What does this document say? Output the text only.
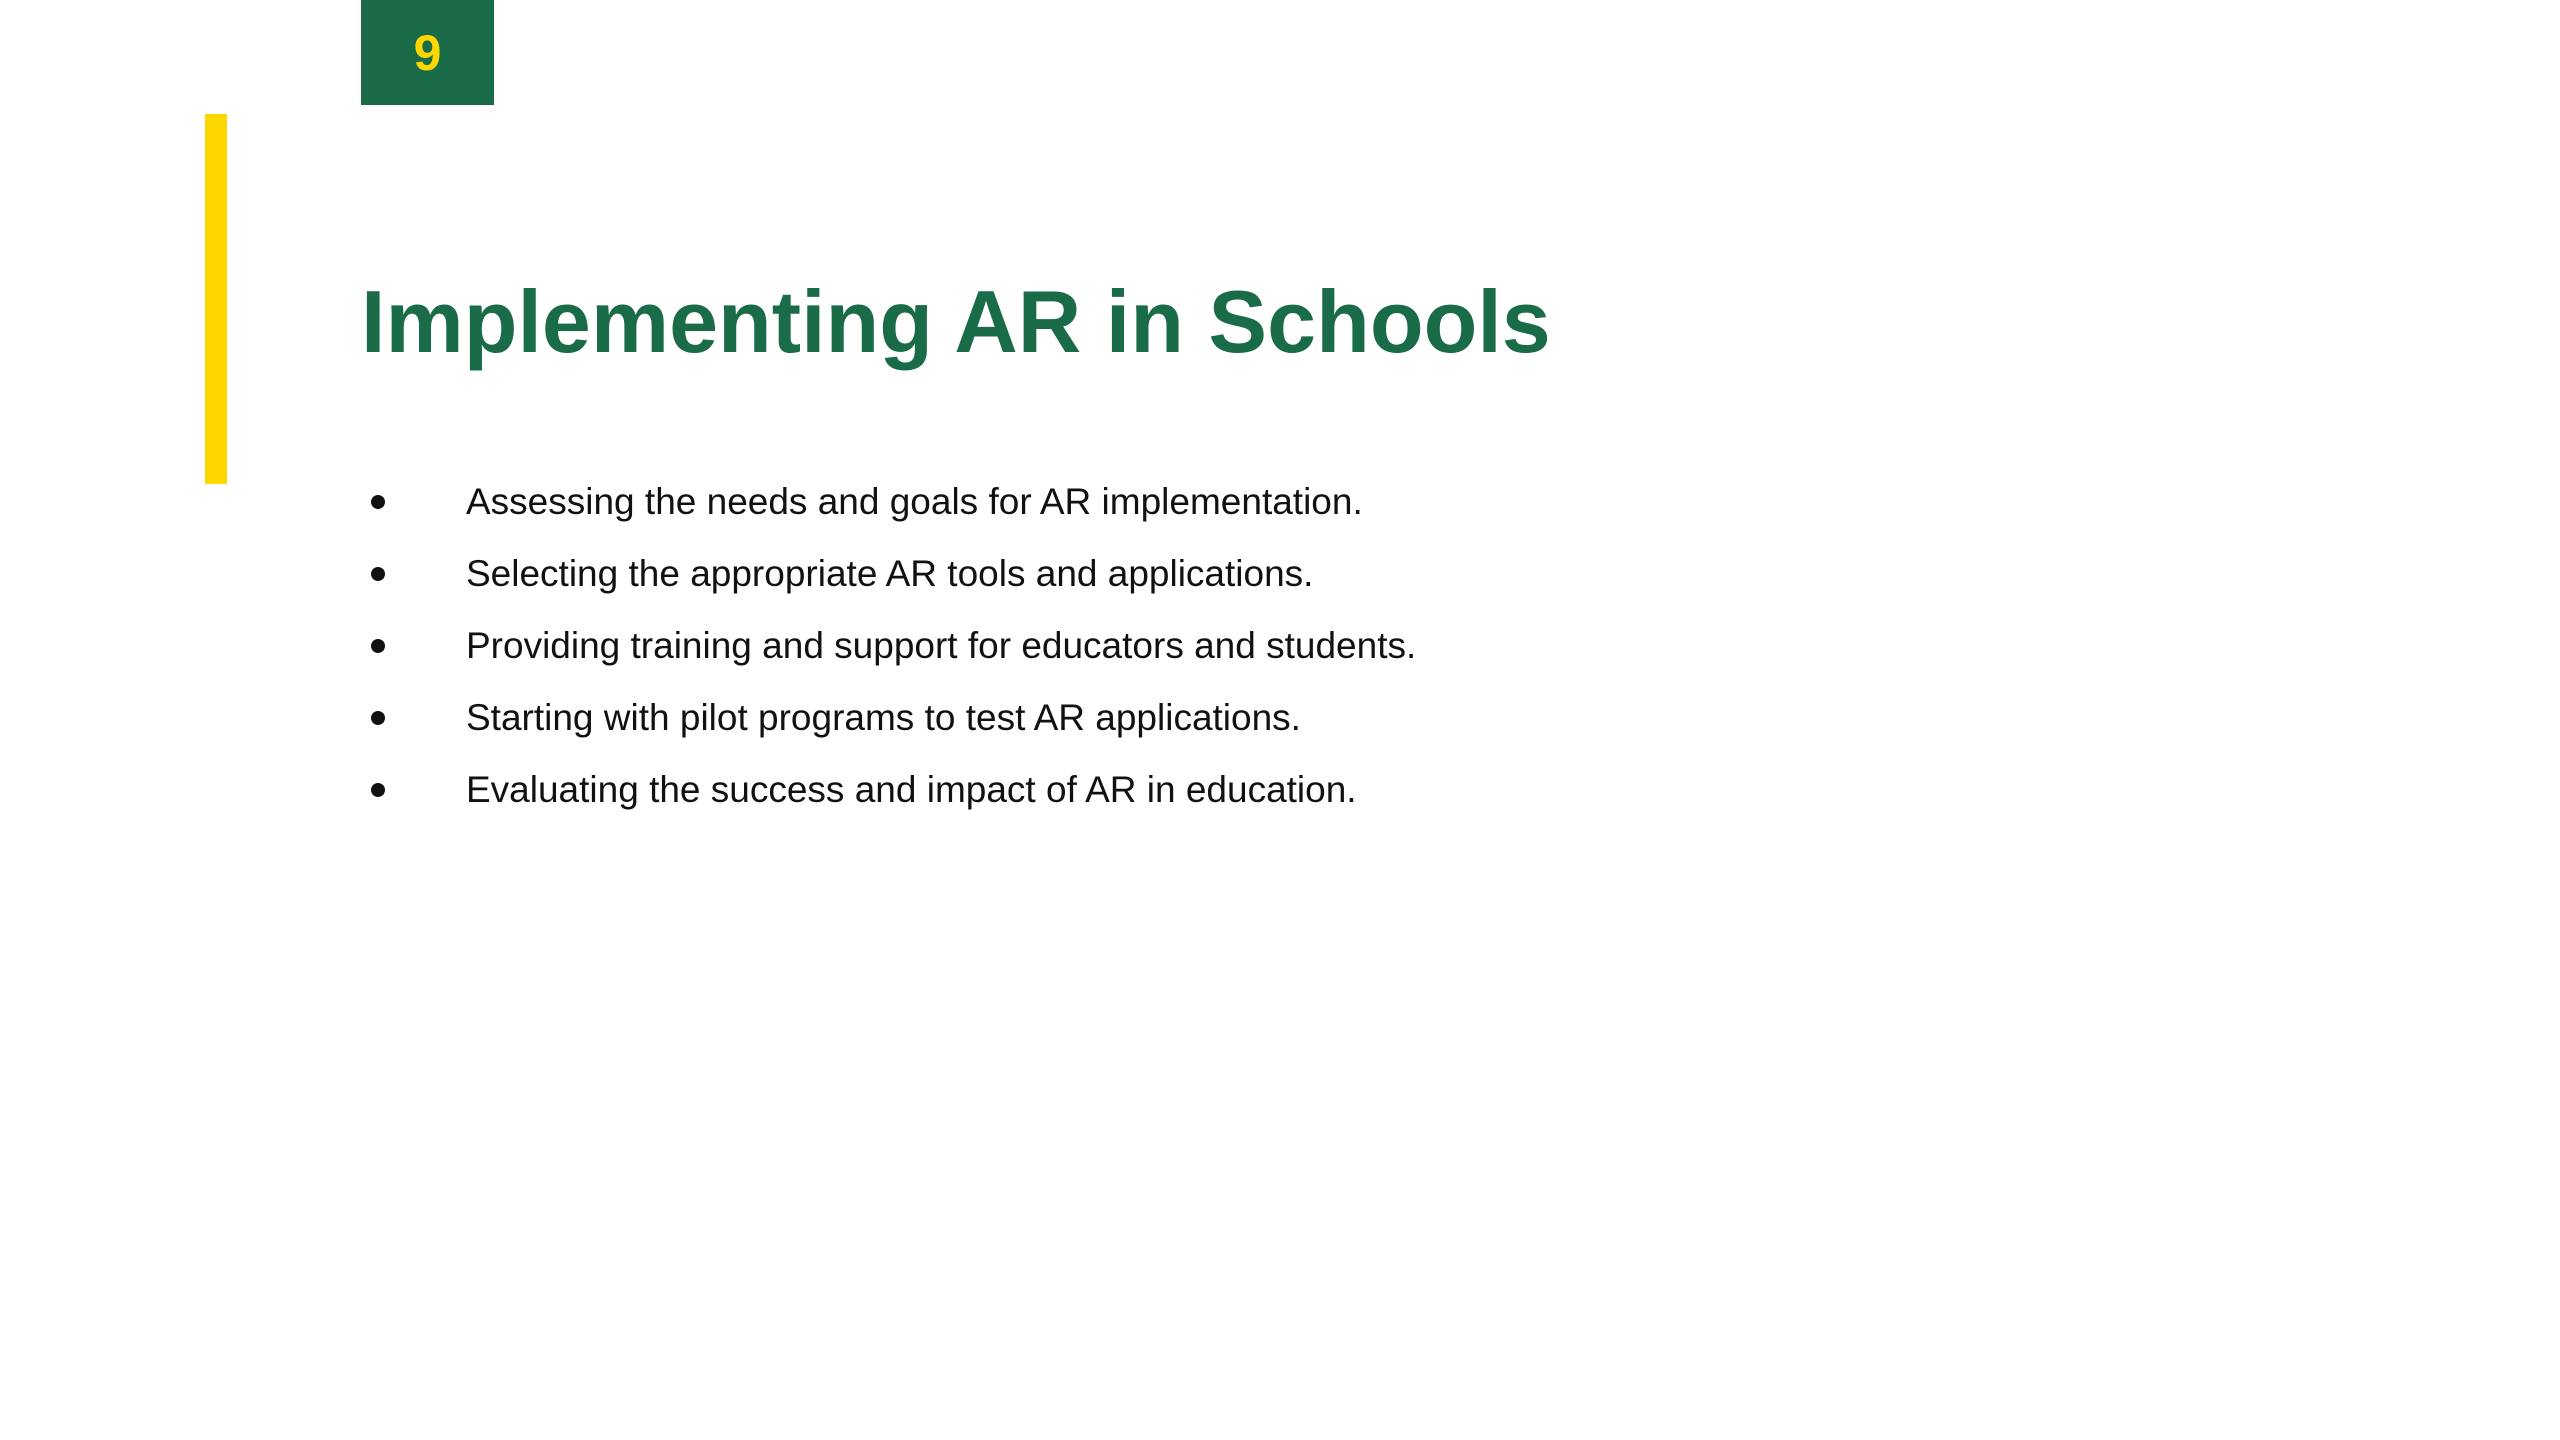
9
Implementing AR in Schools
Assessing the needs and goals for AR implementation.
Selecting the appropriate AR tools and applications.
Providing training and support for educators and students.
Starting with pilot programs to test AR applications.
Evaluating the success and impact of AR in education.
